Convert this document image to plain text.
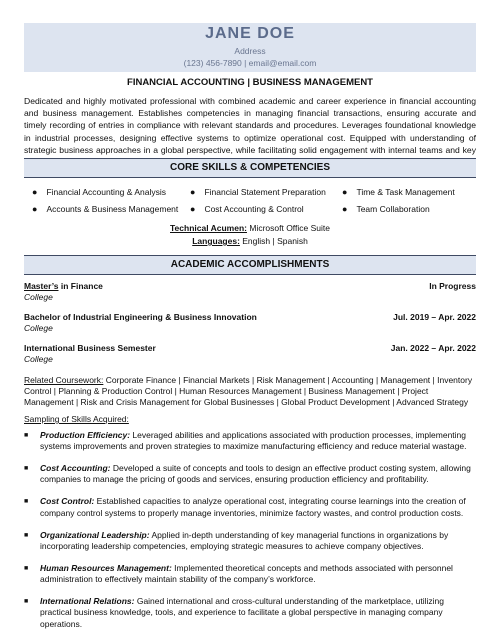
JANE DOE
Address
(123) 456-7890 | email@email.com
FINANCIAL ACCOUNTING | BUSINESS MANAGEMENT
Dedicated and highly motivated professional with combined academic and career experience in financial accounting and business management. Establishes competencies in managing financial transactions, ensuring accurate and timely recording of entries in compliance with relevant standards and procedures. Leverages foundational knowledge in industrial processes, designing effective systems to optimize operational cost. Equipped with understanding of strategic business approaches in a global perspective, while facilitating solid engagement with internal teams and key
CORE SKILLS & COMPETENCIES
● Financial Accounting & Analysis	● Financial Statement Preparation ● Time & Task Management
● Accounts & Business Management ● Cost Accounting & Control	● Team Collaboration
Technical Acumen: Microsoft Office Suite
Languages: English | Spanish
ACADEMIC ACCOMPLISHMENTS
Master’s in Finance	In Progress
College
Bachelor of Industrial Engineering & Business Innovation	Jul. 2019 – Apr. 2022
College
International Business Semester	Jan. 2022 – Apr. 2022
College
Related Coursework: Corporate Finance | Financial Markets | Risk Management | Accounting | Management | Inventory Control | Planning & Production Control | Human Resources Management | Business Management | Project Management | Risk and Crisis Management for Global Businesses | Global Product Development | Advanced Strategy
Sampling of Skills Acquired:
■	Production Efficiency: Leveraged abilities and applications associated with production processes, implementing systems improvements and proven strategies to maximize manufacturing efficiency and reduce material wastage.
■	Cost Accounting: Developed a suite of concepts and tools to design an effective product costing system, allowing companies to manage the pricing of goods and services, ensuring production efficiency and profitability.
■	Cost Control: Established capacities to analyze operational cost, integrating course learnings into the creation of company control systems to properly manage inventories, minimize factory wastes, and control production costs.
■	Organizational Leadership: Applied in-depth understanding of key managerial functions in organizations by incorporating leadership competencies, employing strategic measures to achieve company objectives.
■	Human Resources Management: Implemented theoretical concepts and methods associated with personnel administration to effectively maintain stability of the company’s workforce.
■	International Relations: Gained international and cross-cultural understanding of the marketplace, utilizing practical business knowledge, tools, and experience to facilitate a global perspective in managing company operations.
